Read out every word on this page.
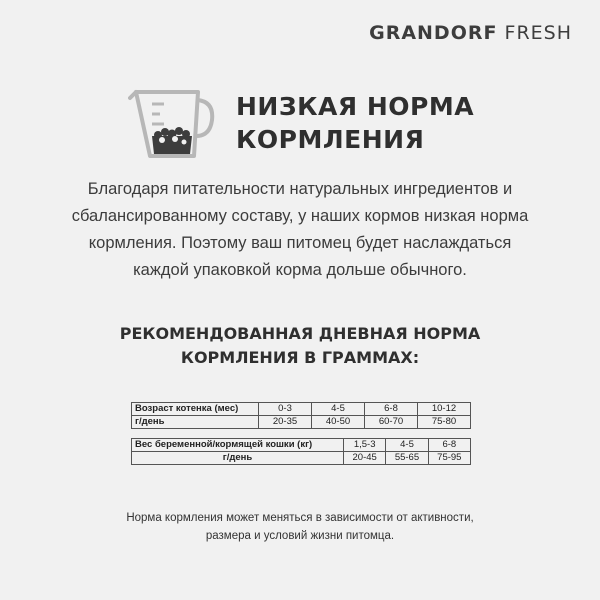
GRANDORF FRESH
НИЗКАЯ НОРМА
КОРМЛЕНИЯ

Благодаря питательности натуральных ингредиентов и
сбалансированному составу, у наших кормов низкая норма
кормления. Поэтому ваш питомец будет наслаждаться
каждой упаковкой корма дольше обычного.

РЕКОМЕНДОВАННАЯ ДНЕВНАЯ НОРМА
КОРМЛЕНИЯ В ГРАММАХ:
Возраст котенка (мес)	0-3	4-5	6-8	10-12
г/день	20-35	40-50	60-70	75-80
Вес беременной/кормящей кошки (кг)	1,5-3	4-5	6-8
г/день	20-45	55-65	75-95

Норма кормления может меняться в зависимости от активности,
размера и условий жизни питомца.
